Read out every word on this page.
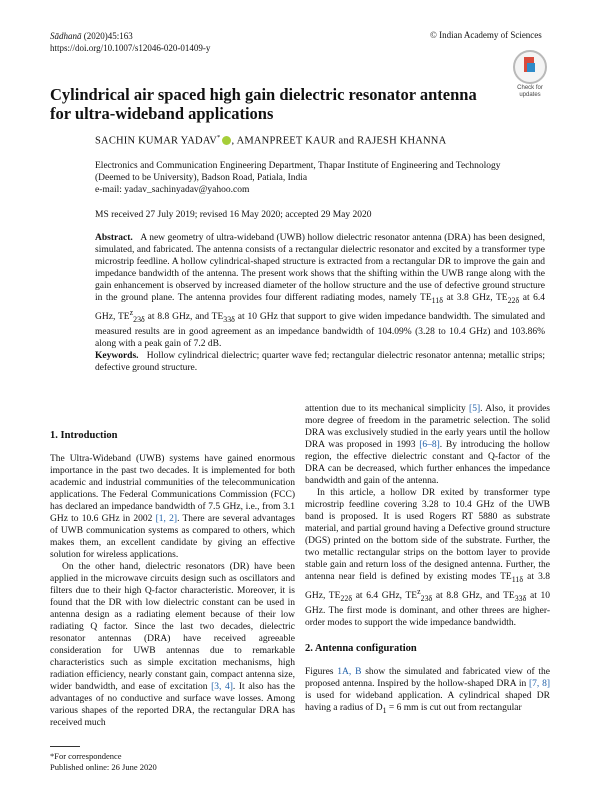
Sādhanā (2020)45:163
https://doi.org/10.1007/s12046-020-01409-y
© Indian Academy of Sciences
Check for
updates
Cylindrical air spaced high gain dielectric resonator antenna for ultra-wideband applications
SACHIN KUMAR YADAV* , AMANPREET KAUR and RAJESH KHANNA
Electronics and Communication Engineering Department, Thapar Institute of Engineering and Technology
(Deemed to be University), Badson Road, Patiala, India
e-mail: yadav_sachinyadav@yahoo.com
MS received 27 July 2019; revised 16 May 2020; accepted 29 May 2020
Abstract. A new geometry of ultra-wideband (UWB) hollow dielectric resonator antenna (DRA) has been designed, simulated, and fabricated. The antenna consists of a rectangular dielectric resonator and excited by a transformer type microstrip feedline. A hollow cylindrical-shaped structure is extracted from a rectangular DR to improve the gain and impedance bandwidth of the antenna. The present work shows that the shifting within the UWB range along with the gain enhancement is observed by increased diameter of the hollow structure and the use of defective ground structure in the ground plane. The antenna provides four different radiating modes, namely $TE_{11\delta}$ at 3.8 GHz, $TE_{22\delta}$ at 6.4 GHz, $TE^z_{23\delta}$ at 8.8 GHz, and $TE_{33\delta}$ at 10 GHz that support to give widen impedance bandwidth. The simulated and measured results are in good agreement as an impedance bandwidth of 104.09% (3.28 to 10.4 GHz) and 103.86% along with a peak gain of 7.2 dB.
Keywords. Hollow cylindrical dielectric; quarter wave fed; rectangular dielectric resonator antenna; metallic strips; defective ground structure.
1. Introduction

The Ultra-Wideband (UWB) systems have gained enormous importance in the past two decades. It is implemented for both academic and industrial communities of the telecommunication applications. The Federal Communications Commission (FCC) has declared an impedance bandwidth of 7.5 GHz, i.e., from 3.1 GHz to 10.6 GHz in 2002 [1, 2]. There are several advantages of UWB communication systems as compared to others, which makes them, an excellent candidate by giving an effective solution for wireless applications.

On the other hand, dielectric resonators (DR) have been applied in the microwave circuits design such as oscillators and filters due to their high Q-factor characteristic. Moreover, it is found that the DR with low dielectric constant can be used in antenna design as a radiating element because of their low radiating Q factor. Since the last two decades, dielectric resonator antennas (DRA) have received agreeable consideration for UWB antennas due to remarkable characteristics such as simple excitation mechanisms, high radiation efficiency, nearly constant gain, compact antenna size, wider bandwidth, and ease of excitation [3, 4]. It also has the advantages of no conductive and surface wave losses. Among various shapes of the reported DRA, the rectangular DRA has received much

attention due to its mechanical simplicity [5]. Also, it provides more degree of freedom in the parametric selection. The solid DRA was exclusively studied in the early years until the hollow DRA was proposed in 1993 [6–8]. By introducing the hollow region, the effective dielectric constant and Q-factor of the DRA can be decreased, which further enhances the impedance bandwidth and gain of the antenna.

In this article, a hollow DR exited by transformer type microstrip feedline covering 3.28 to 10.4 GHz of the UWB band is proposed. It is used Rogers RT 5880 as substrate material, and partial ground having a Defective ground structure (DGS) printed on the bottom side of the substrate. Further, the two metallic rectangular strips on the bottom layer to provide stable gain and return loss of the designed antenna. Further, the antenna near field is defined by existing modes $TE_{11\delta}$ at 3.8 GHz, $TE_{22\delta}$ at 6.4 GHz, $TE^z_{23\delta}$ at 8.8 GHz, and $TE_{33\delta}$ at 10 GHz. The first mode is dominant, and other threes are higher-order modes to support the wide impedance bandwidth.

2. Antenna configuration

Figures 1A, B show the simulated and fabricated view of the proposed antenna. Inspired by the hollow-shaped DRA in [7, 8] is used for wideband application. A cylindrical shaped DR having a radius of $D_1 = 6$ mm is cut out from rectangular

*For correspondence
Published online: 26 June 2020
